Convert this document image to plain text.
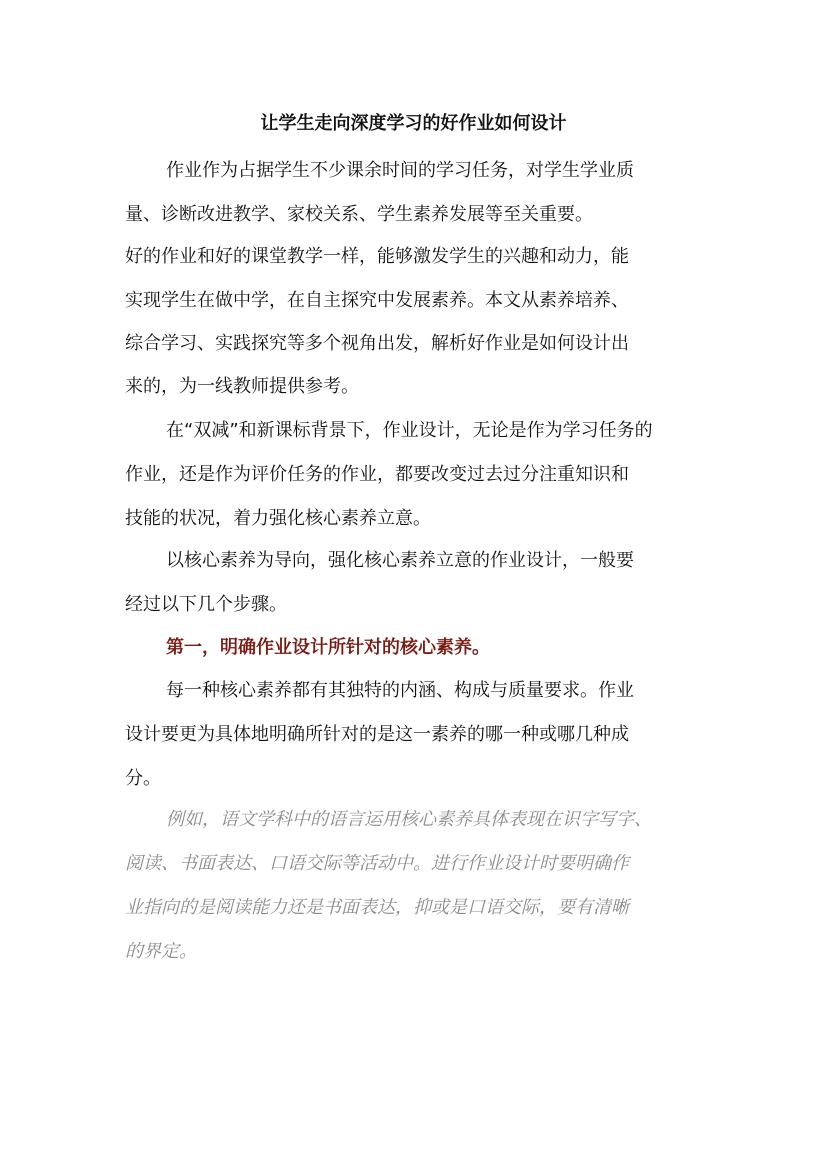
让学生走向深度学习的好作业如何设计
作业作为占据学生不少课余时间的学习任务，对学生学业质
量、诊断改进教学、家校关系、学生素养发展等至关重要。
好的作业和好的课堂教学一样，能够激发学生的兴趣和动力，能
实现学生在做中学，在自主探究中发展素养。本文从素养培养、
综合学习、实践探究等多个视角出发，解析好作业是如何设计出
来的，为一线教师提供参考。
在“双减”和新课标背景下，作业设计，无论是作为学习任务的
作业，还是作为评价任务的作业，都要改变过去过分注重知识和
技能的状况，着力强化核心素养立意。
以核心素养为导向，强化核心素养立意的作业设计，一般要
经过以下几个步骤。
第一，明确作业设计所针对的核心素养。
每一种核心素养都有其独特的内涵、构成与质量要求。作业
设计要更为具体地明确所针对的是这一素养的哪一种或哪几种成
分。
例如，语文学科中的语言运用核心素养具体表现在识字写字、
阅读、书面表达、口语交际等活动中。进行作业设计时要明确作
业指向的是阅读能力还是书面表达，抑或是口语交际，要有清晰
的界定。
